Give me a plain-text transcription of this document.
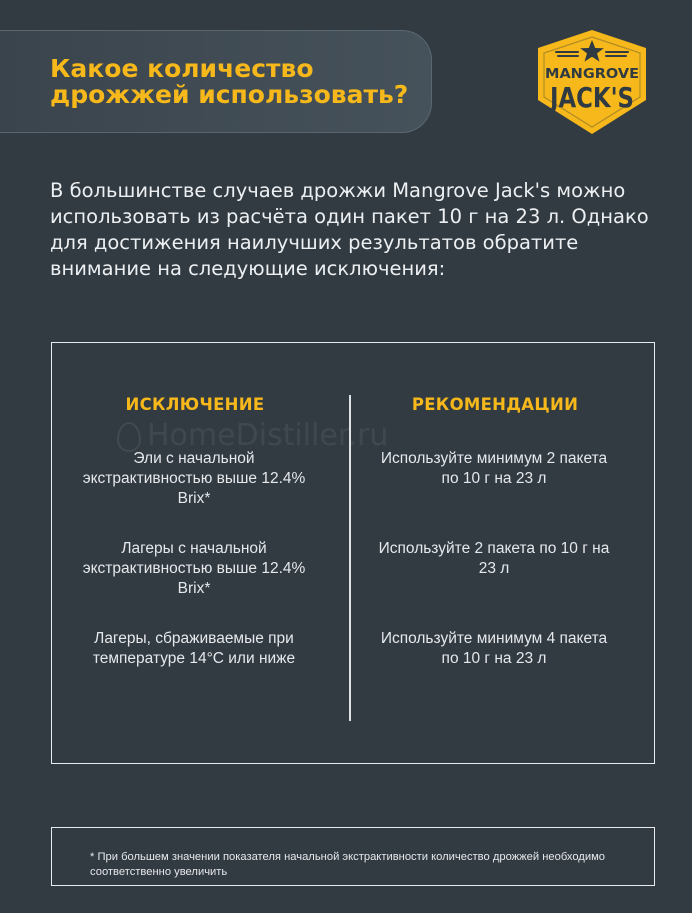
Какое количество
дрожжей использовать?
MANGROVE
JACK'S

В большинстве случаев дрожжи Mangrove Jack's можно использовать из расчёта один пакет 10 г на 23 л. Однако для достижения наилучших результатов обратите внимание на следующие исключения:

HomeDistiller.ru
ИСКЛЮЧЕНИЕ	РЕКОМЕНДАЦИИ
Эли с начальной экстрактивностью выше 12.4% Brix*
Используйте минимум 2 пакета по 10 г на 23 л
Лагеры с начальной экстрактивностью выше 12.4% Brix*
Используйте 2 пакета по 10 г на 23 л
Лагеры, сбраживаемые при температуре 14°C или ниже
Используйте минимум 4 пакета по 10 г на 23 л

* При большем значении показателя начальной экстрактивности количество дрожжей необходимо соответственно увеличить
